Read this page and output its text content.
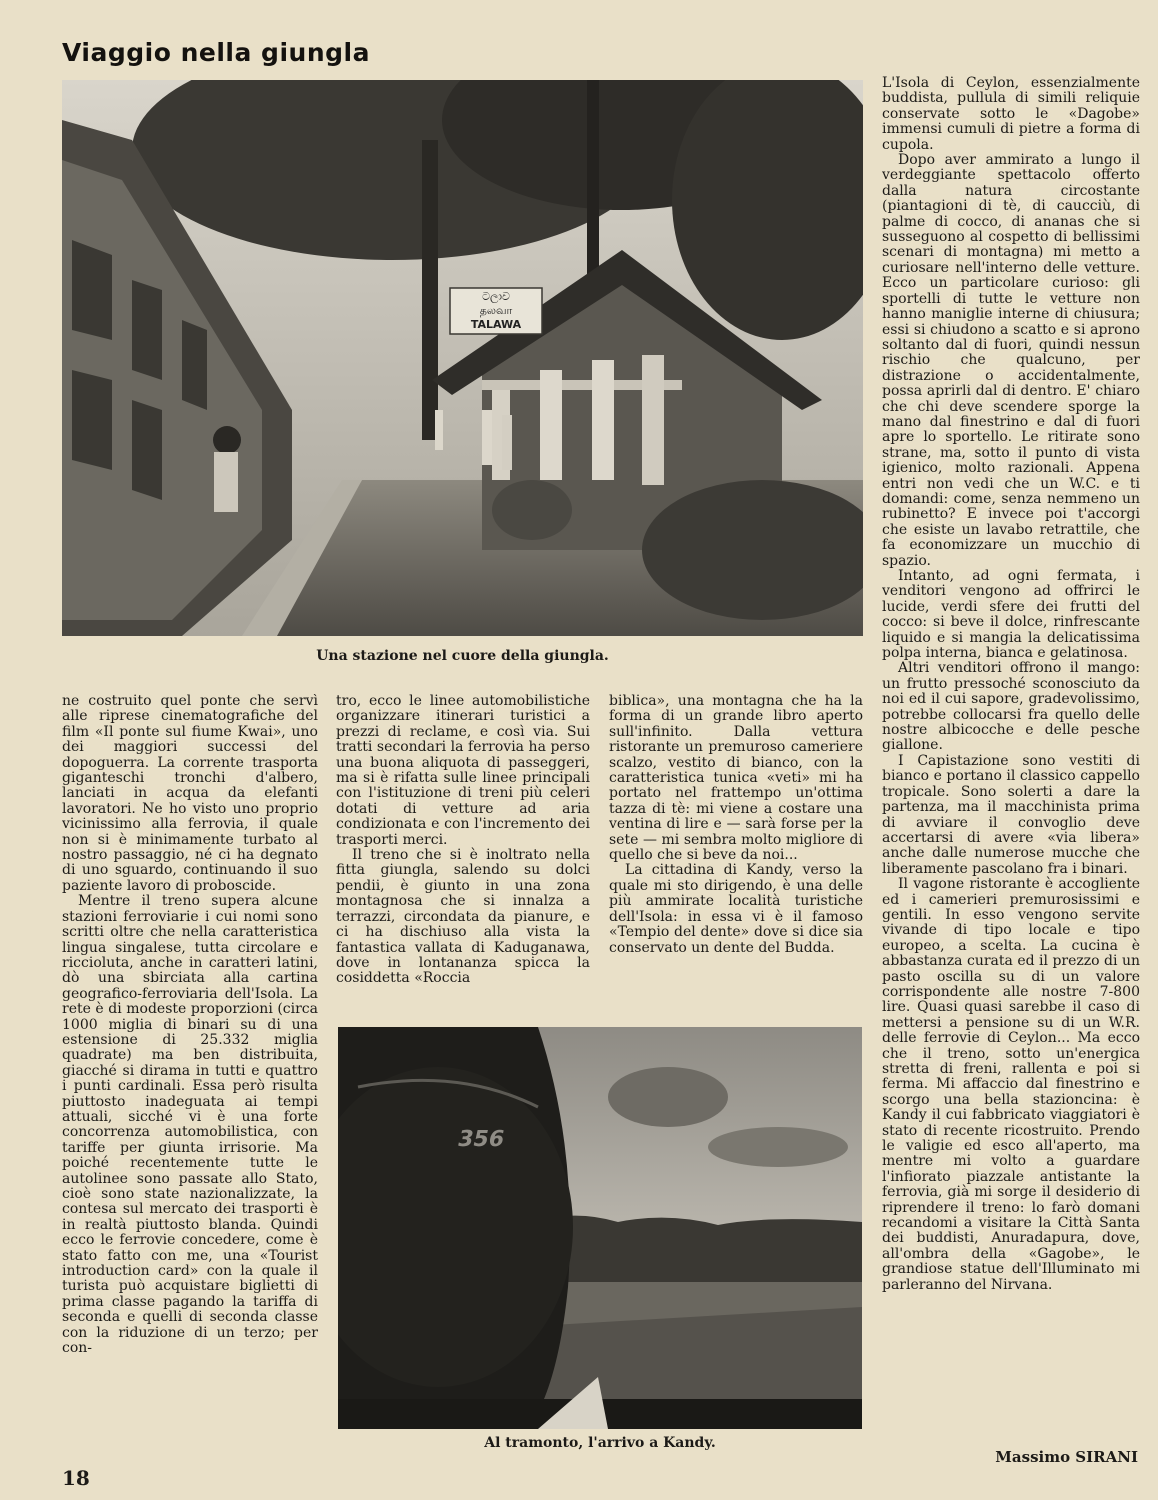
Viaggio nella giungla
ටලාව
தலவா
TALAWA
Una stazione nel cuore della giungla.
356
Al tramonto, l'arrivo a Kandy.

L'Isola di Ceylon, essenzialmente buddista, pullula di simili reliquie conservate sotto le «Dagobe» immensi cumuli di pietre a forma di cupola.

Dopo aver ammirato a lungo il verdeggiante spettacolo offerto dalla natura circostante (piantagioni di tè, di caucciù, di palme di cocco, di ananas che si susseguono al cospetto di bellissimi scenari di montagna) mi metto a curiosare nell'interno delle vetture. Ecco un particolare curioso: gli sportelli di tutte le vetture non hanno maniglie interne di chiusura; essi si chiudono a scatto e si aprono soltanto dal di fuori, quindi nessun rischio che qualcuno, per distrazione o accidentalmente, possa aprirli dal di dentro. E' chiaro che chi deve scendere sporge la mano dal finestrino e dal di fuori apre lo sportello. Le ritirate sono strane, ma, sotto il punto di vista igienico, molto razionali. Appena entri non vedi che un W.C. e ti domandi: come, senza nemmeno un rubinetto? E invece poi t'accorgi che esiste un lavabo retrattile, che fa economizzare un mucchio di spazio.

Intanto, ad ogni fermata, i venditori vengono ad offrirci le lucide, verdi sfere dei frutti del cocco: si beve il dolce, rinfrescante liquido e si mangia la delicatissima polpa interna, bianca e gelatinosa.

Altri venditori offrono il mango: un frutto pressoché sconosciuto da noi ed il cui sapore, gradevolissimo, potrebbe collocarsi fra quello delle nostre albicocche e delle pesche giallone.

I Capistazione sono vestiti di bianco e portano il classico cappello tropicale. Sono solerti a dare la partenza, ma il macchinista prima di avviare il convoglio deve accertarsi di avere «via libera» anche dalle numerose mucche che liberamente pascolano fra i binari.

Il vagone ristorante è accogliente ed i camerieri premurosissimi e gentili. In esso vengono servite vivande di tipo locale e tipo europeo, a scelta. La cucina è abbastanza curata ed il prezzo di un pasto oscilla su di un valore corrispondente alle nostre 7-800 lire. Quasi quasi sarebbe il caso di mettersi a pensione su di un W.R. delle ferrovie di Ceylon... Ma ecco che il treno, sotto un'energica stretta di freni, rallenta e poi si ferma. Mi affaccio dal finestrino e scorgo una bella stazioncina: è Kandy il cui fabbricato viaggiatori è stato di recente ricostruito. Prendo le valigie ed esco all'aperto, ma mentre mi volto a guardare l'infiorato piazzale antistante la ferrovia, già mi sorge il desiderio di riprendere il treno: lo farò domani recandomi a visitare la Città Santa dei buddisti, Anuradapura, dove, all'ombra della «Gagobe», le grandiose statue dell'Illuminato mi parleranno del Nirvana.

ne costruito quel ponte che servì alle riprese cinematografiche del film «Il ponte sul fiume Kwai», uno dei maggiori successi del dopoguerra. La corrente trasporta giganteschi tronchi d'albero, lanciati in acqua da elefanti lavoratori. Ne ho visto uno proprio vicinissimo alla ferrovia, il quale non si è minimamente turbato al nostro passaggio, né ci ha degnato di uno sguardo, continuando il suo paziente lavoro di proboscide.

Mentre il treno supera alcune stazioni ferroviarie i cui nomi sono scritti oltre che nella caratteristica lingua singalese, tutta circolare e riccioluta, anche in caratteri latini, dò una sbirciata alla cartina geografico-ferroviaria dell'Isola. La rete è di modeste proporzioni (circa 1000 miglia di binari su di una estensione di 25.332 miglia quadrate) ma ben distribuita, giacché si dirama in tutti e quattro i punti cardinali. Essa però risulta piuttosto inadeguata ai tempi attuali, sicché vi è una forte concorrenza automobilistica, con tariffe per giunta irrisorie. Ma poiché recentemente tutte le autolinee sono passate allo Stato, cioè sono state nazionalizzate, la contesa sul mercato dei trasporti è in realtà piuttosto blanda. Quindi ecco le ferrovie concedere, come è stato fatto con me, una «Tourist introduction card» con la quale il turista può acquistare biglietti di prima classe pagando la tariffa di seconda e quelli di seconda classe con la riduzione di un terzo; per con-

tro, ecco le linee automobilistiche organizzare itinerari turistici a prezzi di reclame, e così via. Sui tratti secondari la ferrovia ha perso una buona aliquota di passeggeri, ma si è rifatta sulle linee principali con l'istituzione di treni più celeri dotati di vetture ad aria condizionata e con l'incremento dei trasporti merci.

Il treno che si è inoltrato nella fitta giungla, salendo su dolci pendii, è giunto in una zona montagnosa che si innalza a terrazzi, circondata da pianure, e ci ha dischiuso alla vista la fantastica vallata di Kaduganawa, dove in lontananza spicca la cosiddetta «Roccia

biblica», una montagna che ha la forma di un grande libro aperto sull'infinito. Dalla vettura ristorante un premuroso cameriere scalzo, vestito di bianco, con la caratteristica tunica «veti» mi ha portato nel frattempo un'ottima tazza di tè: mi viene a costare una ventina di lire e — sarà forse per la sete — mi sembra molto migliore di quello che si beve da noi...

La cittadina di Kandy, verso la quale mi sto dirigendo, è una delle più ammirate località turistiche dell'Isola: in essa vi è il famoso «Tempio del dente» dove si dice sia conservato un dente del Budda.

Massimo SIRANI
18
